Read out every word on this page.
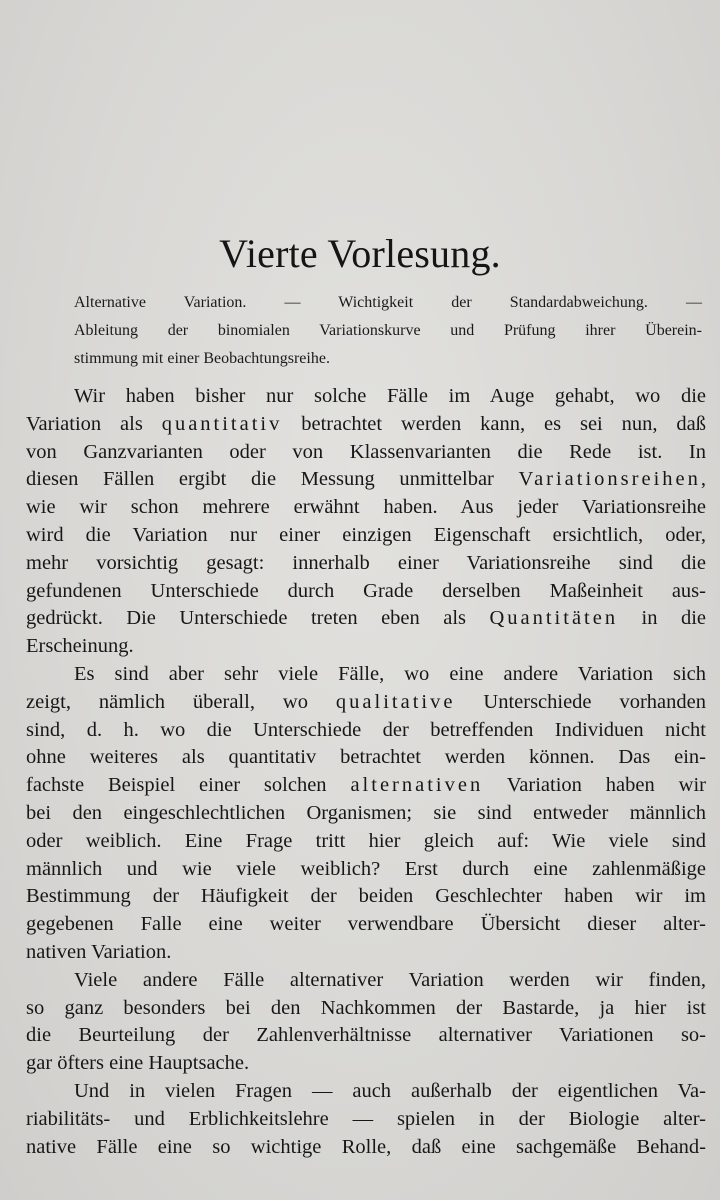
Vierte Vorlesung.
Alternative Variation. — Wichtigkeit der Standardabweichung. —
Ableitung der binomialen Variationskurve und Prüfung ihrer Überein-
stimmung mit einer Beobachtungsreihe.
Wir haben bisher nur solche Fälle im Auge gehabt, wo die
Variation als quantitativ betrachtet werden kann, es sei nun, daß
von Ganzvarianten oder von Klassenvarianten die Rede ist. In
diesen Fällen ergibt die Messung unmittelbar Variationsreihen,
wie wir schon mehrere erwähnt haben. Aus jeder Variationsreihe
wird die Variation nur einer einzigen Eigenschaft ersichtlich, oder,
mehr vorsichtig gesagt: innerhalb einer Variationsreihe sind die
gefundenen Unterschiede durch Grade derselben Maßeinheit aus-
gedrückt. Die Unterschiede treten eben als Quantitäten in die
Erscheinung.
Es sind aber sehr viele Fälle, wo eine andere Variation sich
zeigt, nämlich überall, wo qualitative Unterschiede vorhanden
sind, d. h. wo die Unterschiede der betreffenden Individuen nicht
ohne weiteres als quantitativ betrachtet werden können. Das ein-
fachste Beispiel einer solchen alternativen Variation haben wir
bei den eingeschlechtlichen Organismen; sie sind entweder männlich
oder weiblich. Eine Frage tritt hier gleich auf: Wie viele sind
männlich und wie viele weiblich? Erst durch eine zahlenmäßige
Bestimmung der Häufigkeit der beiden Geschlechter haben wir im
gegebenen Falle eine weiter verwendbare Übersicht dieser alter-
nativen Variation.
Viele andere Fälle alternativer Variation werden wir finden,
so ganz besonders bei den Nachkommen der Bastarde, ja hier ist
die Beurteilung der Zahlenverhältnisse alternativer Variationen so-
gar öfters eine Hauptsache.
Und in vielen Fragen — auch außerhalb der eigentlichen Va-
riabilitäts- und Erblichkeitslehre — spielen in der Biologie alter-
native Fälle eine so wichtige Rolle, daß eine sachgemäße Behand-
